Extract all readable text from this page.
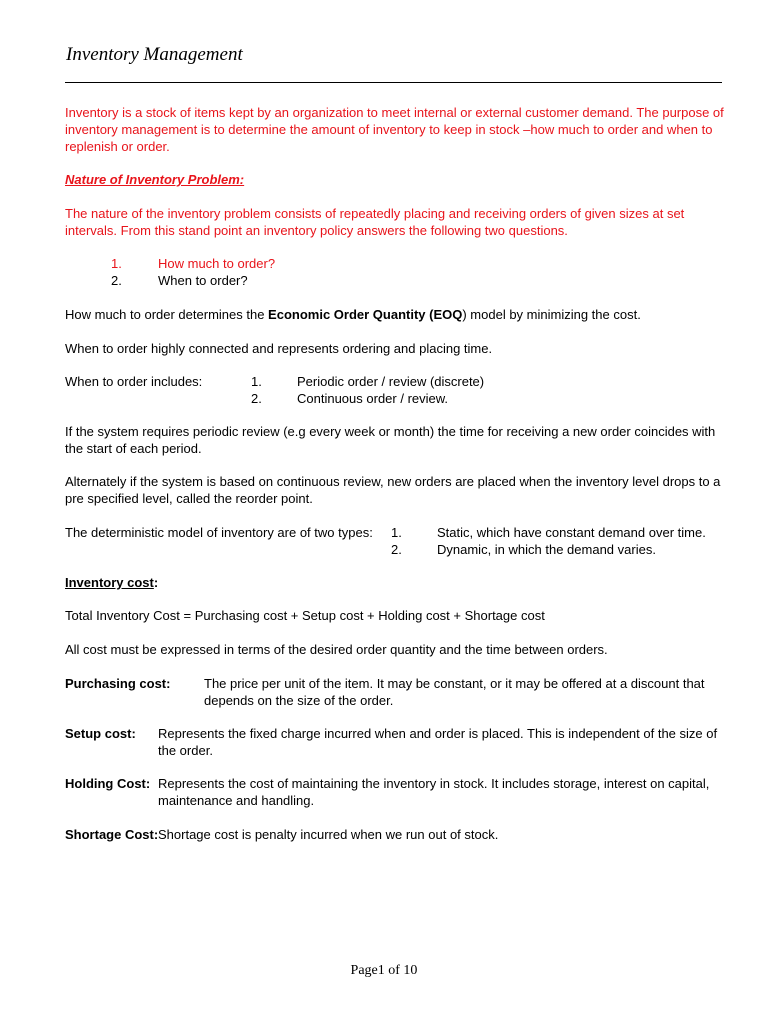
Inventory Management
Inventory is a stock of items kept by an organization to meet internal or external customer demand. The purpose of inventory management is to determine the amount of inventory to keep in stock –how much to order and when to replenish or order.
Nature of Inventory Problem:
The nature of the inventory problem consists of repeatedly placing and receiving orders of given sizes at set intervals. From this stand point an inventory policy answers the following two questions.
1.	How much to order?
2.	When to order?
How much to order determines the Economic Order Quantity (EOQ) model by minimizing the cost.
When to order highly connected and represents ordering and placing time.
When to order includes:	1.	Periodic order / review (discrete)
2.	Continuous order / review.
If the system requires periodic review (e.g every week or month) the time for receiving a new order coincides with the start of each period.
Alternately if the system is based on continuous review, new orders are placed when the inventory level drops to a pre specified level, called the reorder point.
The deterministic model of inventory are of two types: 1.	Static, which have constant demand over time.
2.	Dynamic, in which the demand varies.
Inventory cost:
Total Inventory Cost = Purchasing cost + Setup cost + Holding cost + Shortage cost
All cost must be expressed in terms of the desired order quantity and the time between orders.
Purchasing cost:	The price per unit of the item. It may be constant, or it may be offered at a discount that depends on the size of the order.
Setup cost: Represents the fixed charge incurred when and order is placed. This is independent of the size of the order.
Holding Cost: Represents the cost of maintaining the inventory in stock. It includes storage, interest on capital, maintenance and handling.
Shortage Cost: Shortage cost is penalty incurred when we run out of stock.
Page1 of 10
